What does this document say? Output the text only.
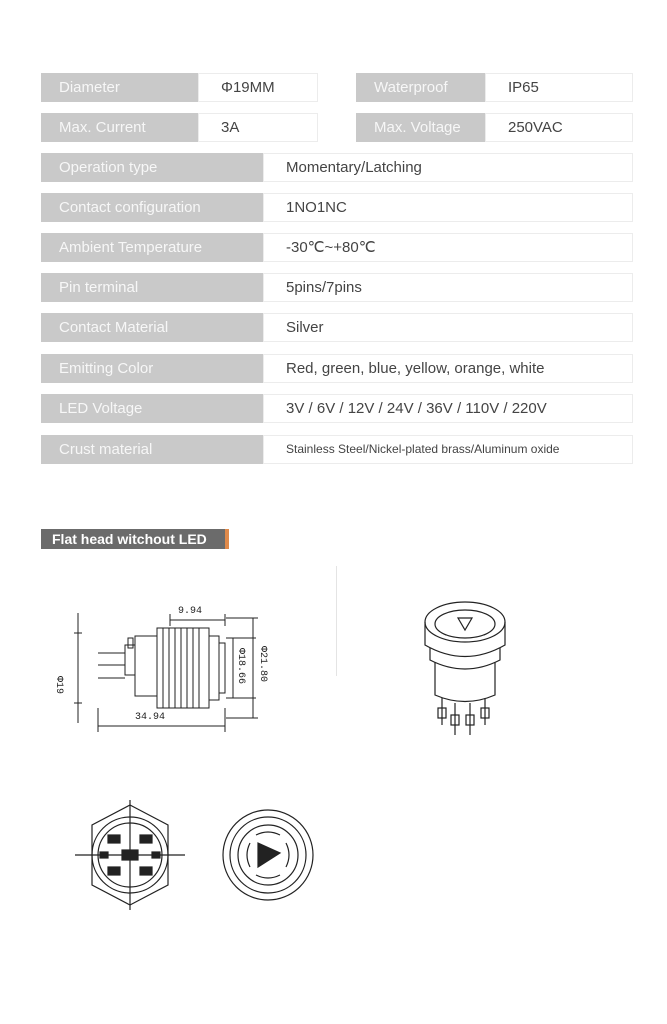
Diameter	Φ19MM	Waterproof	IP65
Max. Current	3A	Max. Voltage	250VAC
Operation type	Momentary/Latching
Contact configuration	1NO1NC
Ambient Temperature	-30℃~+80℃
Pin terminal	5pins/7pins
Contact Material	Silver
Emitting Color	Red, green, blue, yellow, orange, white
LED Voltage	3V / 6V / 12V / 24V / 36V / 110V / 220V
Crust material	Stainless Steel/Nickel-plated brass/Aluminum oxide
Flat head witchout LED
9.94
34.94
Φ19
Φ18.66 Φ21.80
